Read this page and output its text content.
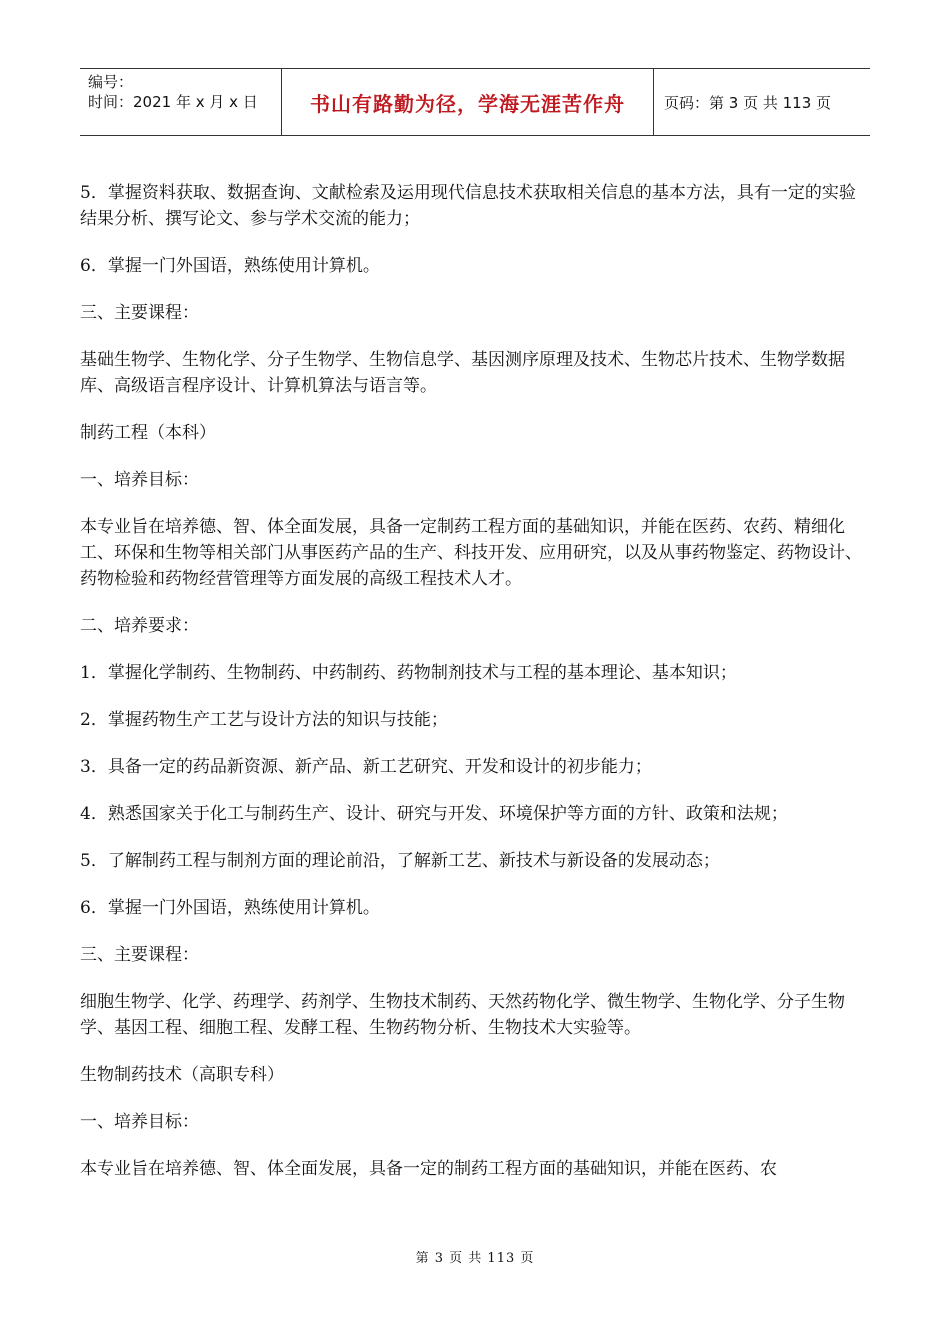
编号：
时间：2021 年 x 月 x 日	书山有路勤为径，学海无涯苦作舟	页码：第 3 页 共 113 页

5．掌握资料获取、数据查询、文献检索及运用现代信息技术获取相关信息的基本方法，具有一定的实验结果分析、撰写论文、参与学术交流的能力；

6．掌握一门外国语，熟练使用计算机。

三、主要课程：

基础生物学、生物化学、分子生物学、生物信息学、基因测序原理及技术、生物芯片技术、生物学数据库、高级语言程序设计、计算机算法与语言等。

制药工程（本科）

一、培养目标：

本专业旨在培养德、智、体全面发展，具备一定制药工程方面的基础知识，并能在医药、农药、精细化工、环保和生物等相关部门从事医药产品的生产、科技开发、应用研究，以及从事药物鉴定、药物设计、药物检验和药物经营管理等方面发展的高级工程技术人才。

二、培养要求：

1．掌握化学制药、生物制药、中药制药、药物制剂技术与工程的基本理论、基本知识；

2．掌握药物生产工艺与设计方法的知识与技能；

3．具备一定的药品新资源、新产品、新工艺研究、开发和设计的初步能力；

4．熟悉国家关于化工与制药生产、设计、研究与开发、环境保护等方面的方针、政策和法规；

5．了解制药工程与制剂方面的理论前沿，了解新工艺、新技术与新设备的发展动态；

6．掌握一门外国语，熟练使用计算机。

三、主要课程：

细胞生物学、化学、药理学、药剂学、生物技术制药、天然药物化学、微生物学、生物化学、分子生物学、基因工程、细胞工程、发酵工程、生物药物分析、生物技术大实验等。

生物制药技术（高职专科）

一、培养目标：

本专业旨在培养德、智、体全面发展，具备一定的制药工程方面的基础知识，并能在医药、农

第 3 页 共 113 页
